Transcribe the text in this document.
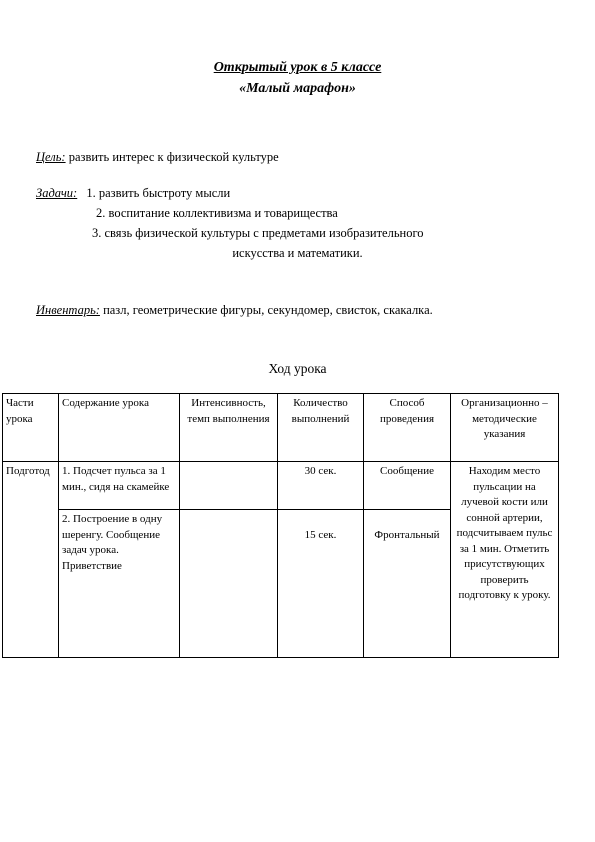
Открытый урок в 5 классе
«Малый марафон»
Цель: развить интерес к физической культуре
Задачи: 1. развить быстроту мысли
2. воспитание коллективизма и товарищества
3. связь физической культуры с предметами изобразительного
искусства и математики.
Инвентарь: пазл, геометрические фигуры, секундомер, свисток, скакалка.
Ход урока
Части урока	Содержание урока	Интенсивность, темп выполнения	Количество выполнений	Способ проведения	Организационно – методические указания
Подготод	1. Подсчет пульса за 1 мин., сидя на скамейке		30 сек.	Сообщение	Находим место пульсации на лучевой кости или сонной артерии, подсчитываем пульс за 1 мин. Отметить присутствующих проверить подготовку к уроку.
	2. Построение в одну шеренгу. Сообщение задач урока. Приветствие		15 сек.	Фронтальный	
